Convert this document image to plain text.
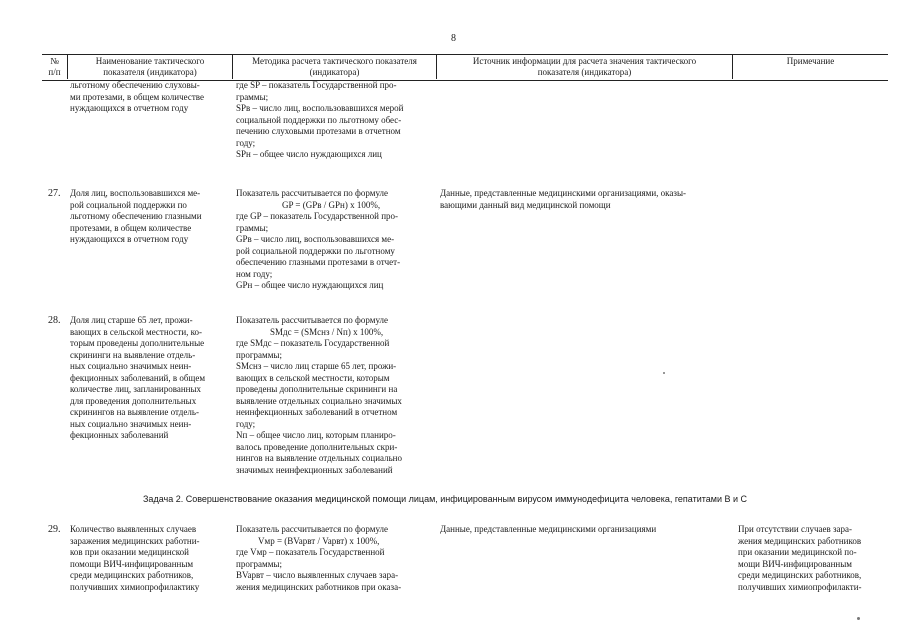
8
№
п/п
Наименование тактического
показателя (индикатора)
Методика расчета тактического показателя
(индикатора)
Источник информации для расчета значения тактического
показателя (индикатора)
Примечание
льготному обеспечению слуховы-
ми протезами, в общем количестве
нуждающихся в отчетном году
где SP – показатель Государственной про-
граммы;
SPв – число лиц, воспользовавшихся мерой
социальной поддержки по льготному обес-
печению слуховыми протезами в отчетном
году;
SPн – общее число нуждающихся лиц
27. Доля лиц, воспользовавшихся ме-
рой социальной поддержки по
льготному обеспечению глазными
протезами, в общем количестве
нуждающихся в отчетном году
Показатель рассчитывается по формуле
GP = (GPв / GPн) x 100%,
где GP – показатель Государственной про-
граммы;
GPв – число лиц, воспользовавшихся ме-
рой социальной поддержки по льготному
обеспечению глазными протезами в отчет-
ном году;
GPн – общее число нуждающихся лиц
Данные, представленные медицинскими организациями, оказы-
вающими данный вид медицинской помощи
28. Доля лиц старше 65 лет, прожи-
вающих в сельской местности, ко-
торым проведены дополнительные
скрининги на выявление отдель-
ных социально значимых неин-
фекционных заболеваний, в общем
количестве лиц, запланированных
для проведения дополнительных
скринингов на выявление отдель-
ных социально значимых неин-
фекционных заболеваний
Показатель рассчитывается по формуле
SMдс = (SMснз / Nп) x 100%,
где SMдс – показатель Государственной
программы;
SMснз – число лиц старше 65 лет, прожи-
вающих в сельской местности, которым
проведены дополнительные скрининги на
выявление отдельных социально значимых
неинфекционных заболеваний в отчетном
году;
Nп – общее число лиц, которым планиро-
валось проведение дополнительных скри-
нингов на выявление отдельных социально
значимых неинфекционных заболеваний
Задача 2. Совершенствование оказания медицинской помощи лицам, инфицированным вирусом иммунодефицита человека, гепатитами В и С
29. Количество выявленных случаев
заражения медицинских работни-
ков при оказании медицинской
помощи ВИЧ-инфицированным
среди медицинских работников,
получивших химиопрофилактику
Показатель рассчитывается по формуле
Vмр = (BVapвт / Vapвт) x 100%,
где Vмр – показатель Государственной
программы;
BVapвт – число выявленных случаев зара-
жения медицинских работников при оказа-
Данные, представленные медицинскими организациями	При отсутствии случаев зара-
жения медицинских работников
при оказании медицинской по-
мощи ВИЧ-инфицированным
среди медицинских работников,
получивших химиопрофилакти-
